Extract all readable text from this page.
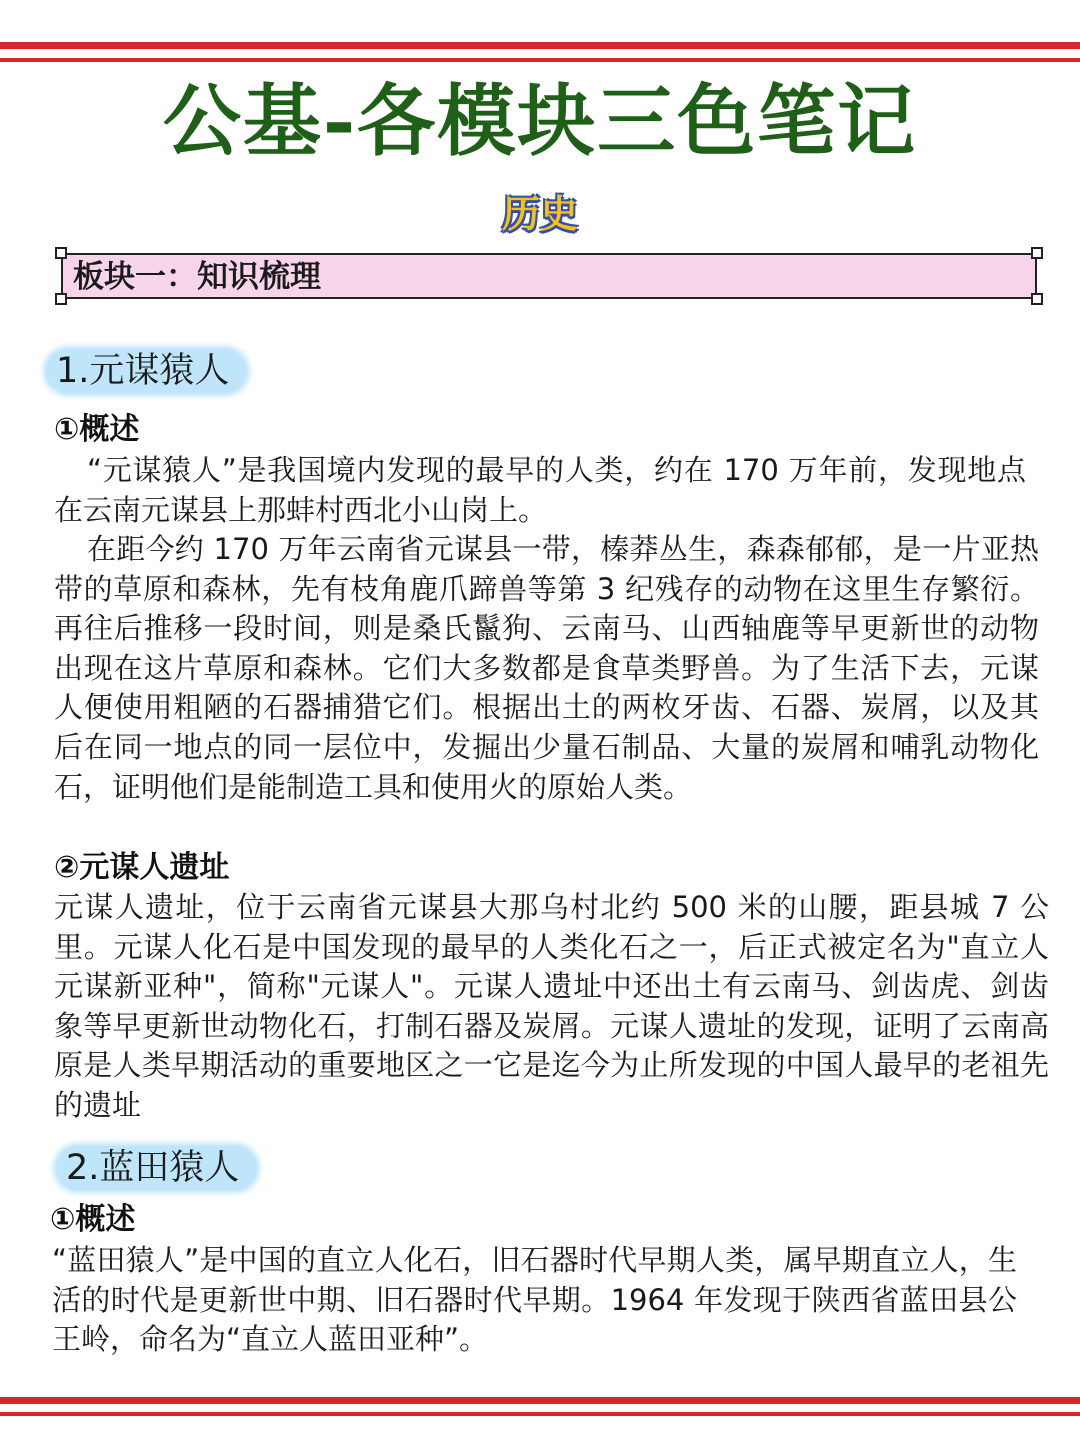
公基-各模块三色笔记
历史
板块一：知识梳理
1.元谋猿人
①概述

“元谋猿人”是我国境内发现的最早的人类，约在 170 万年前，发现地点在云南元谋县上那蚌村西北小山岗上。

在距今约 170 万年云南省元谋县一带，榛莽丛生，森森郁郁，是一片亚热带的草原和森林，先有枝角鹿爪蹄兽等第 3 纪残存的动物在这里生存繁衍。再往后推移一段时间，则是桑氏鬣狗、云南马、山西轴鹿等早更新世的动物出现在这片草原和森林。它们大多数都是食草类野兽。为了生活下去，元谋人便使用粗陋的石器捕猎它们。根据出土的两枚牙齿、石器、炭屑，以及其后在同一地点的同一层位中，发掘出少量石制品、大量的炭屑和哺乳动物化石，证明他们是能制造工具和使用火的原始人类。

②元谋人遗址

元谋人遗址，位于云南省元谋县大那乌村北约 500 米的山腰，距县城 7 公里。元谋人化石是中国发现的最早的人类化石之一，后正式被定名为"直立人元谋新亚种"，简称"元谋人"。元谋人遗址中还出土有云南马、剑齿虎、剑齿象等早更新世动物化石，打制石器及炭屑。元谋人遗址的发现，证明了云南高原是人类早期活动的重要地区之一它是迄今为止所发现的中国人最早的老祖先的遗址

2.蓝田猿人
①概述

“蓝田猿人”是中国的直立人化石，旧石器时代早期人类，属早期直立人，生活的时代是更新世中期、旧石器时代早期。1964 年发现于陕西省蓝田县公王岭，命名为“直立人蓝田亚种”。
